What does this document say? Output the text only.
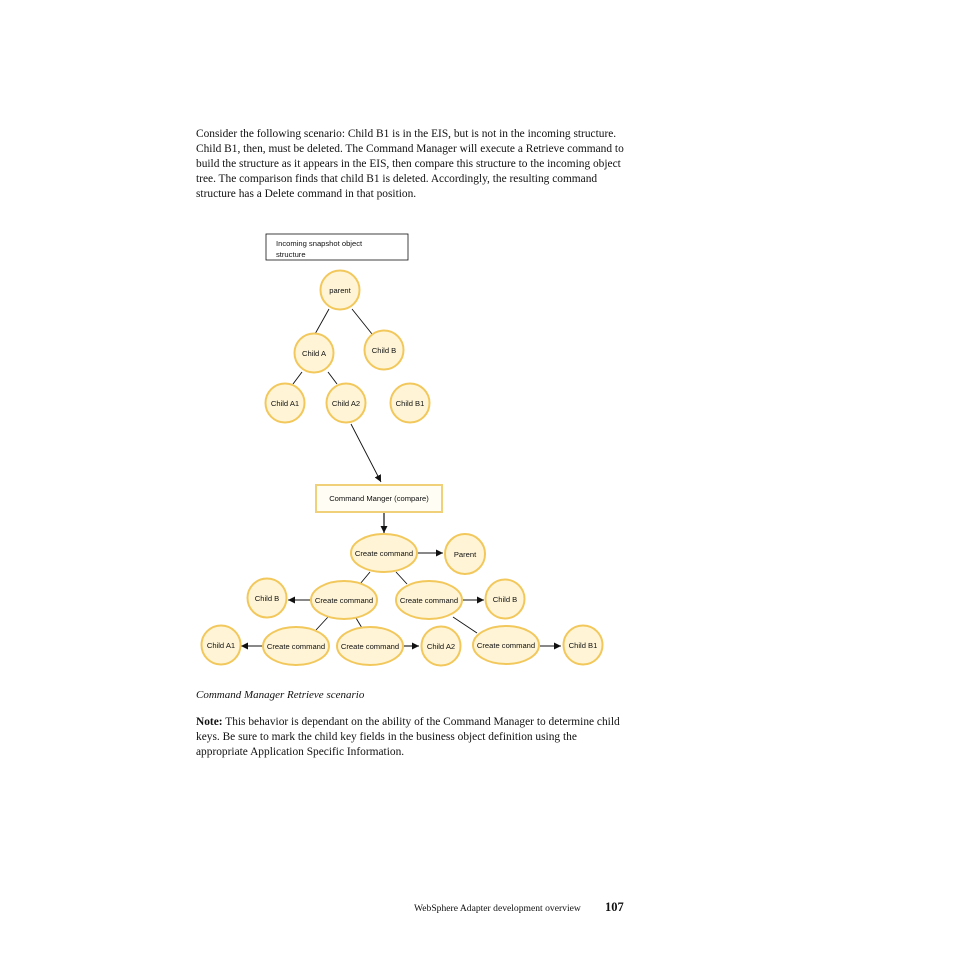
Consider the following scenario: Child B1 is in the EIS, but is not in the incoming structure. Child B1, then, must be deleted. The Command Manager will execute a Retrieve command to build the structure as it appears in the EIS, then compare this structure to the incoming object tree. The comparison finds that child B1 is deleted. Accordingly, the resulting command structure has a Delete command in that position.

Incoming snapshot object
structure
parent
Child A	Child B
Child A1	Child A2	Child B1
Command Manger (compare)
Create command	Parent
Create command	Create command
Child B	Child B
Create command Create command	Create command
Child A1	Child A2	Child B1

Command Manager Retrieve scenario

Note: This behavior is dependant on the ability of the Command Manager to determine child keys. Be sure to mark the child key fields in the business object definition using the appropriate Application Specific Information.

WebSphere Adapter development overview 107
